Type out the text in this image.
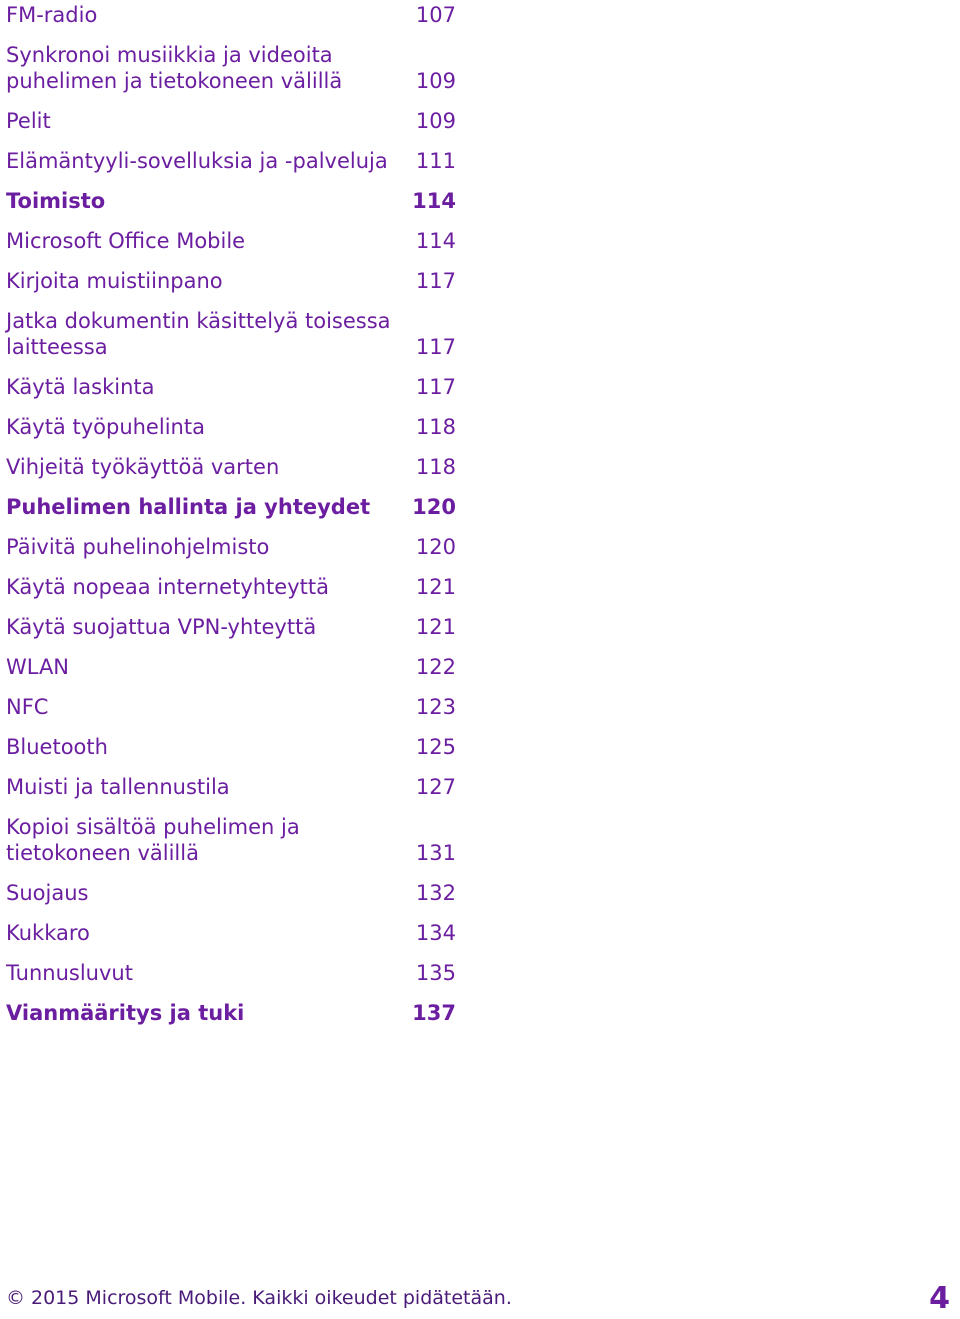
FM-radio	107
Synkronoi musiikkia ja videoita
puhelimen ja tietokoneen välillä	109
Pelit	109
Elämäntyyli-sovelluksia ja -palveluja 111
Toimisto	114
Microsoft Office Mobile	114
Kirjoita muistiinpano	117
Jatka dokumentin käsittelyä toisessa
laitteessa	117
Käytä laskinta	117
Käytä työpuhelinta	118
Vihjeitä työkäyttöä varten	118
Puhelimen hallinta ja yhteydet 120
Päivitä puhelinohjelmisto	120
Käytä nopeaa internetyhteyttä	121
Käytä suojattua VPN-yhteyttä	121
WLAN	122
NFC	123
Bluetooth	125
Muisti ja tallennustila	127
Kopioi sisältöä puhelimen ja
tietokoneen välillä	131
Suojaus	132
Kukkaro	134
Tunnusluvut	135
Vianmääritys ja tuki	137
© 2015 Microsoft Mobile. Kaikki oikeudet pidätetään.	4
